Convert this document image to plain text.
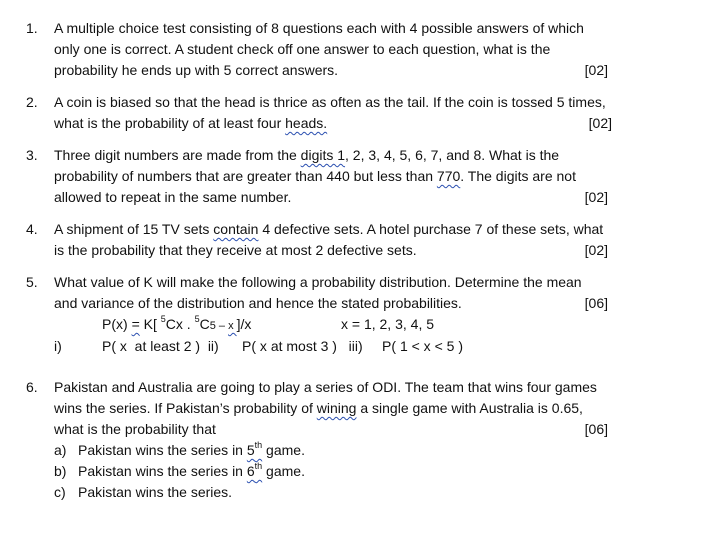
1. A multiple choice test consisting of 8 questions each with 4 possible answers of which
only one is correct. A student check off one answer to each question, what is the
probability he ends up with 5 correct answers.	[02]
2. A coin is biased so that the head is thrice as often as the tail. If the coin is tossed 5 times,
what is the probability of at least four heads.	[02]
3. Three digit numbers are made from the digits 1, 2, 3, 4, 5, 6, 7, and 8. What is the
probability of numbers that are greater than 440 but less than 770. The digits are not
allowed to repeat in the same number.	[02]
4. A shipment of 15 TV sets contain 4 defective sets. A hotel purchase 7 of these sets, what
is the probability that they receive at most 2 defective sets.	[02]
5. What value of K will make the following a probability distribution. Determine the mean
and variance of the distribution and hence the stated probabilities.	[06]
P(x) = K[ $^5$Cx . $^5$C5 – x ]/x	x = 1, 2, 3, 4, 5
i)	P( x  at least 2 )  ii)      P( x at most 3 )   iii)     P( 1 < x < 5 )
6. Pakistan and Australia are going to play a series of ODI. The team that wins four games
wins the series. If Pakistan’s probability of wining a single game with Australia is 0.65,
what is the probability that	[06]
a) Pakistan wins the series in 5th game.
b) Pakistan wins the series in 6th game.
c) Pakistan wins the series.
